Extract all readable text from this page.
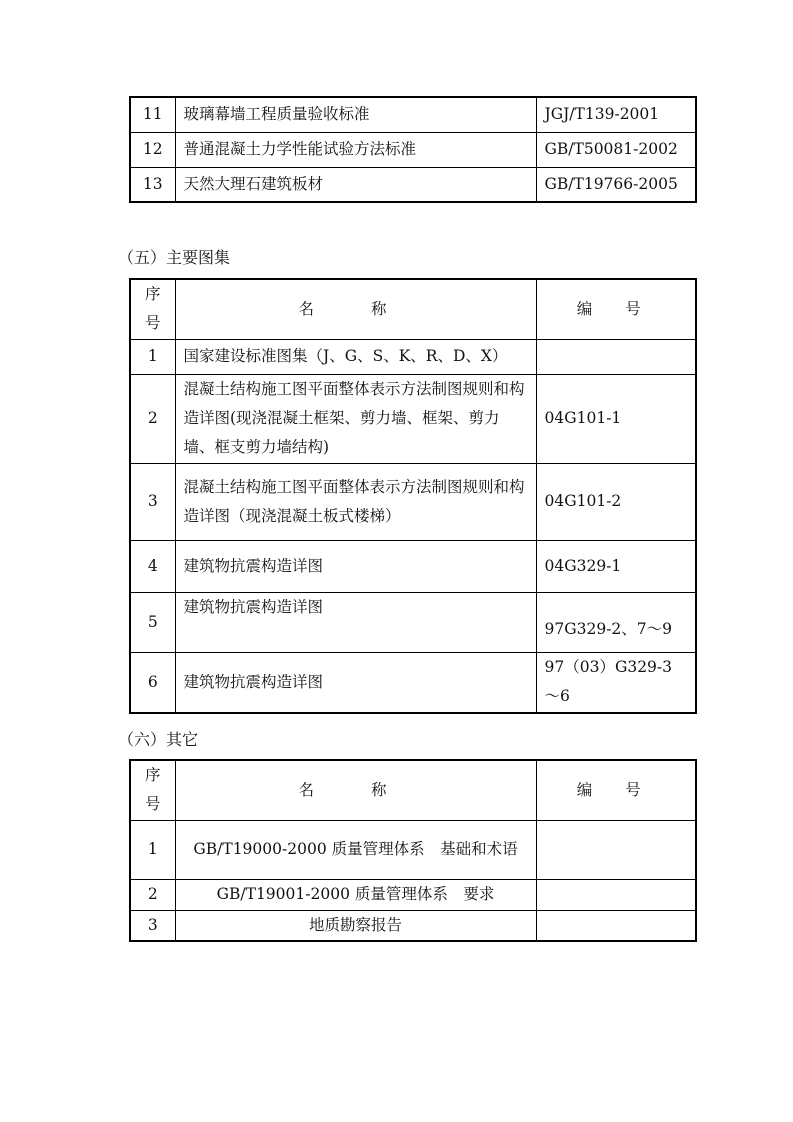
11	玻璃幕墙工程质量验收标准	JGJ/T139-2001
12	普通混凝土力学性能试验方法标准	GB/T50081-2002
13	天然大理石建筑板材	GB/T19766-2005
（五）主要图集
序
号	名 称	编 号
1	国家建设标准图集（J、G、S、K、R、D、X）	
2	混凝土结构施工图平面整体表示方法制图规则和构造详图(现浇混凝土框架、剪力墙、框架、剪力墙、框支剪力墙结构)	04G101-1
3	混凝土结构施工图平面整体表示方法制图规则和构造详图（现浇混凝土板式楼梯）	04G101-2
4	建筑物抗震构造详图	04G329-1
5	建筑物抗震构造详图	97G329-2、7～9
6	建筑物抗震构造详图	97（03）G329-3～6
（六）其它
序
号	名 称	编 号
1	GB/T19000-2000 质量管理体系　基础和术语	
2	GB/T19001-2000 质量管理体系　要求	
3	地质勘察报告	
